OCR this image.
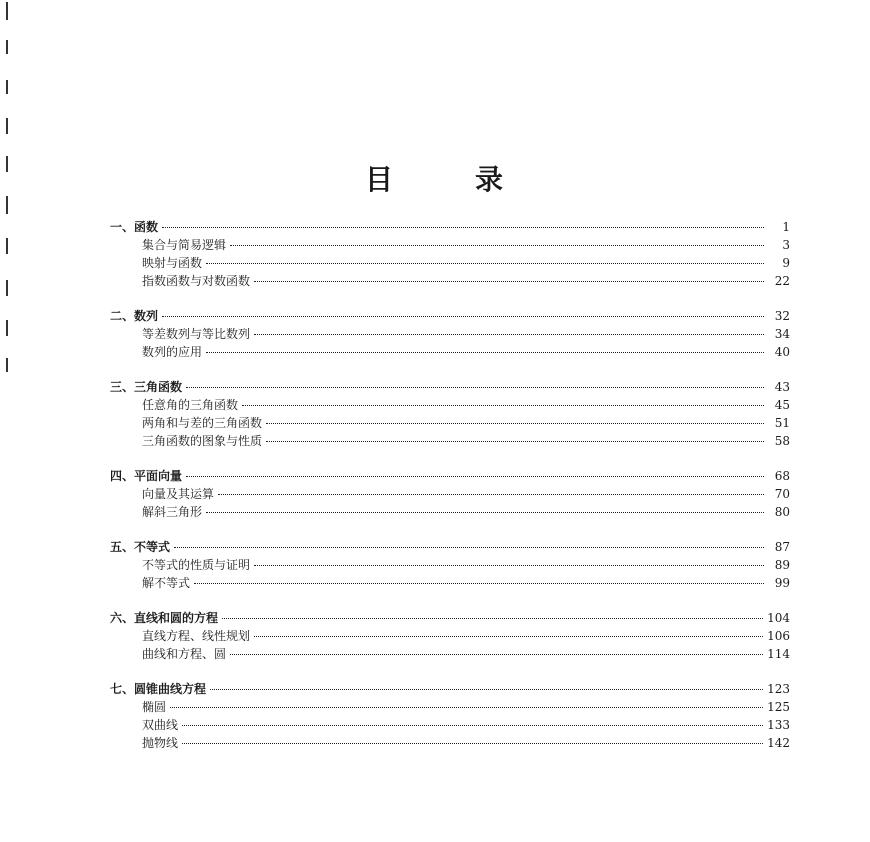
目	录
一、函数	1
集合与简易逻辑	3
映射与函数	9
指数函数与对数函数	22
二、数列	32
等差数列与等比数列	34
数列的应用	40
三、三角函数	43
任意角的三角函数	45
两角和与差的三角函数	51
三角函数的图象与性质	58
四、平面向量	68
向量及其运算	70
解斜三角形	80
五、不等式	87
不等式的性质与证明	89
解不等式	99
六、直线和圆的方程	104
直线方程、线性规划	106
曲线和方程、圆	114
七、圆锥曲线方程	123
椭圆	125
双曲线	133
抛物线	142
